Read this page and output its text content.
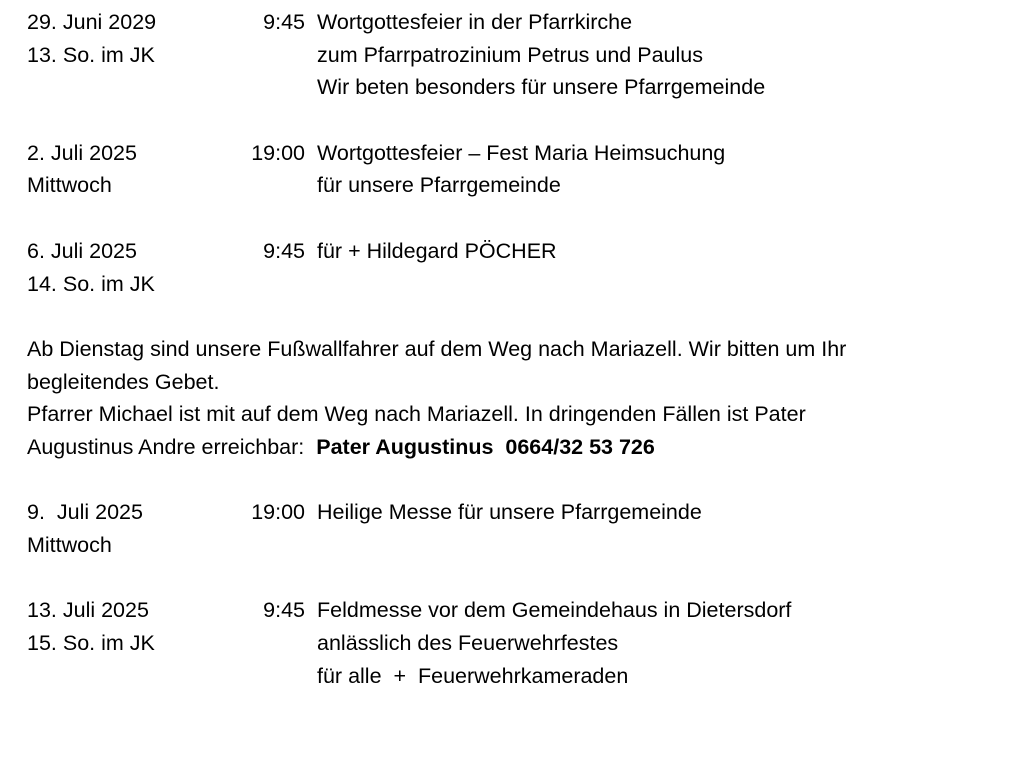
29. Juni 2029	9:45 Wortgottesfeier in der Pfarrkirche
13. So. im JK	zum Pfarrpatrozinium Petrus und Paulus
Wir beten besonders für unsere Pfarrgemeinde
2. Juli 2025	19:00 Wortgottesfeier – Fest Maria Heimsuchung
Mittwoch	für unsere Pfarrgemeinde
6. Juli 2025	9:45 für + Hildegard PÖCHER
14. So. im JK
Ab Dienstag sind unsere Fußwallfahrer auf dem Weg nach Mariazell. Wir bitten um Ihr
begleitendes Gebet.
Pfarrer Michael ist mit auf dem Weg nach Mariazell. In dringenden Fällen ist Pater
Augustinus Andre erreichbar:  Pater Augustinus 0664/32 53 726
9.  Juli 2025	19:00 Heilige Messe für unsere Pfarrgemeinde
Mittwoch
13. Juli 2025	9:45 Feldmesse vor dem Gemeindehaus in Dietersdorf
15. So. im JK	anlässlich des Feuerwehrfestes
für alle  +  Feuerwehrkameraden
